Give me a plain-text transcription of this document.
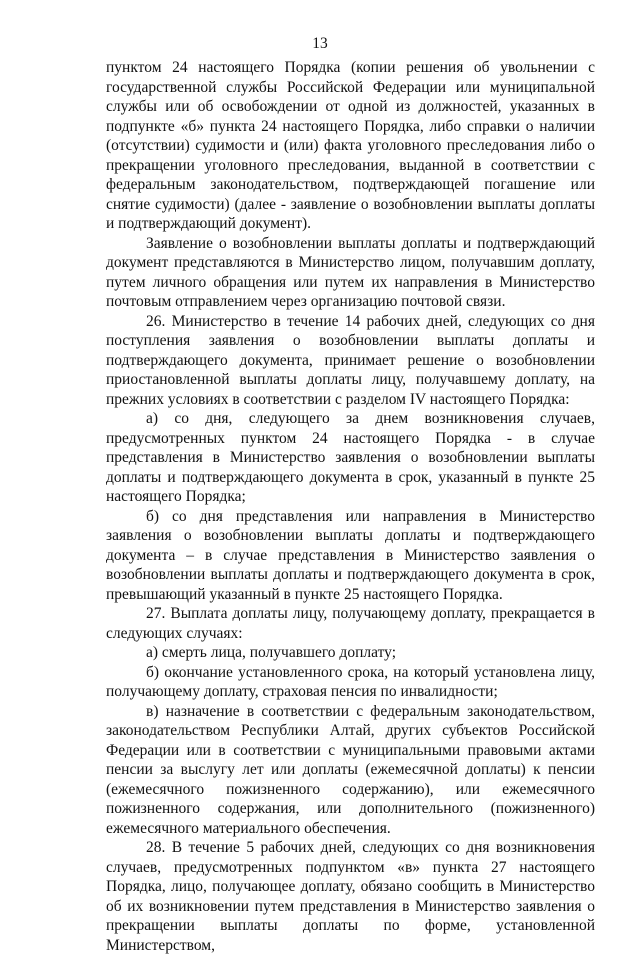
13

пунктом 24 настоящего Порядка (копии решения об увольнении с государственной службы Российской Федерации или муниципальной службы или об освобождении от одной из должностей, указанных в подпункте «б» пункта 24 настоящего Порядка, либо справки о наличии (отсутствии) судимости и (или) факта уголовного преследования либо о прекращении уголовного преследования, выданной в соответствии с федеральным законодательством, подтверждающей погашение или снятие судимости) (далее - заявление о возобновлении выплаты доплаты и подтверждающий документ).

Заявление о возобновлении выплаты доплаты и подтверждающий документ представляются в Министерство лицом, получавшим доплату, путем личного обращения или путем их направления в Министерство почтовым отправлением через организацию почтовой связи.

26. Министерство в течение 14 рабочих дней, следующих со дня поступления заявления о возобновлении выплаты доплаты и подтверждающего документа, принимает решение о возобновлении приостановленной выплаты доплаты лицу, получавшему доплату, на прежних условиях в соответствии с разделом IV настоящего Порядка:

а) со дня, следующего за днем возникновения случаев, предусмотренных пунктом 24 настоящего Порядка - в случае представления в Министерство заявления о возобновлении выплаты доплаты и подтверждающего документа в срок, указанный в пункте 25 настоящего Порядка;

б) со дня представления или направления в Министерство заявления о возобновлении выплаты доплаты и подтверждающего документа – в случае представления в Министерство заявления о возобновлении выплаты доплаты и подтверждающего документа в срок, превышающий указанный в пункте 25 настоящего Порядка.

27. Выплата доплаты лицу, получающему доплату, прекращается в следующих случаях:

а) смерть лица, получавшего доплату;

б) окончание установленного срока, на который установлена лицу, получающему доплату, страховая пенсия по инвалидности;

в) назначение в соответствии с федеральным законодательством, законодательством Республики Алтай, других субъектов Российской Федерации или в соответствии с муниципальными правовыми актами пенсии за выслугу лет или доплаты (ежемесячной доплаты) к пенсии (ежемесячного пожизненного содержанию), или ежемесячного пожизненного содержания, или дополнительного (пожизненного) ежемесячного материального обеспечения.

28. В течение 5 рабочих дней, следующих со дня возникновения случаев, предусмотренных подпунктом «в» пункта 27 настоящего Порядка, лицо, получающее доплату, обязано сообщить в Министерство об их возникновении путем представления в Министерство заявления о прекращении выплаты доплаты по форме, установленной Министерством,
